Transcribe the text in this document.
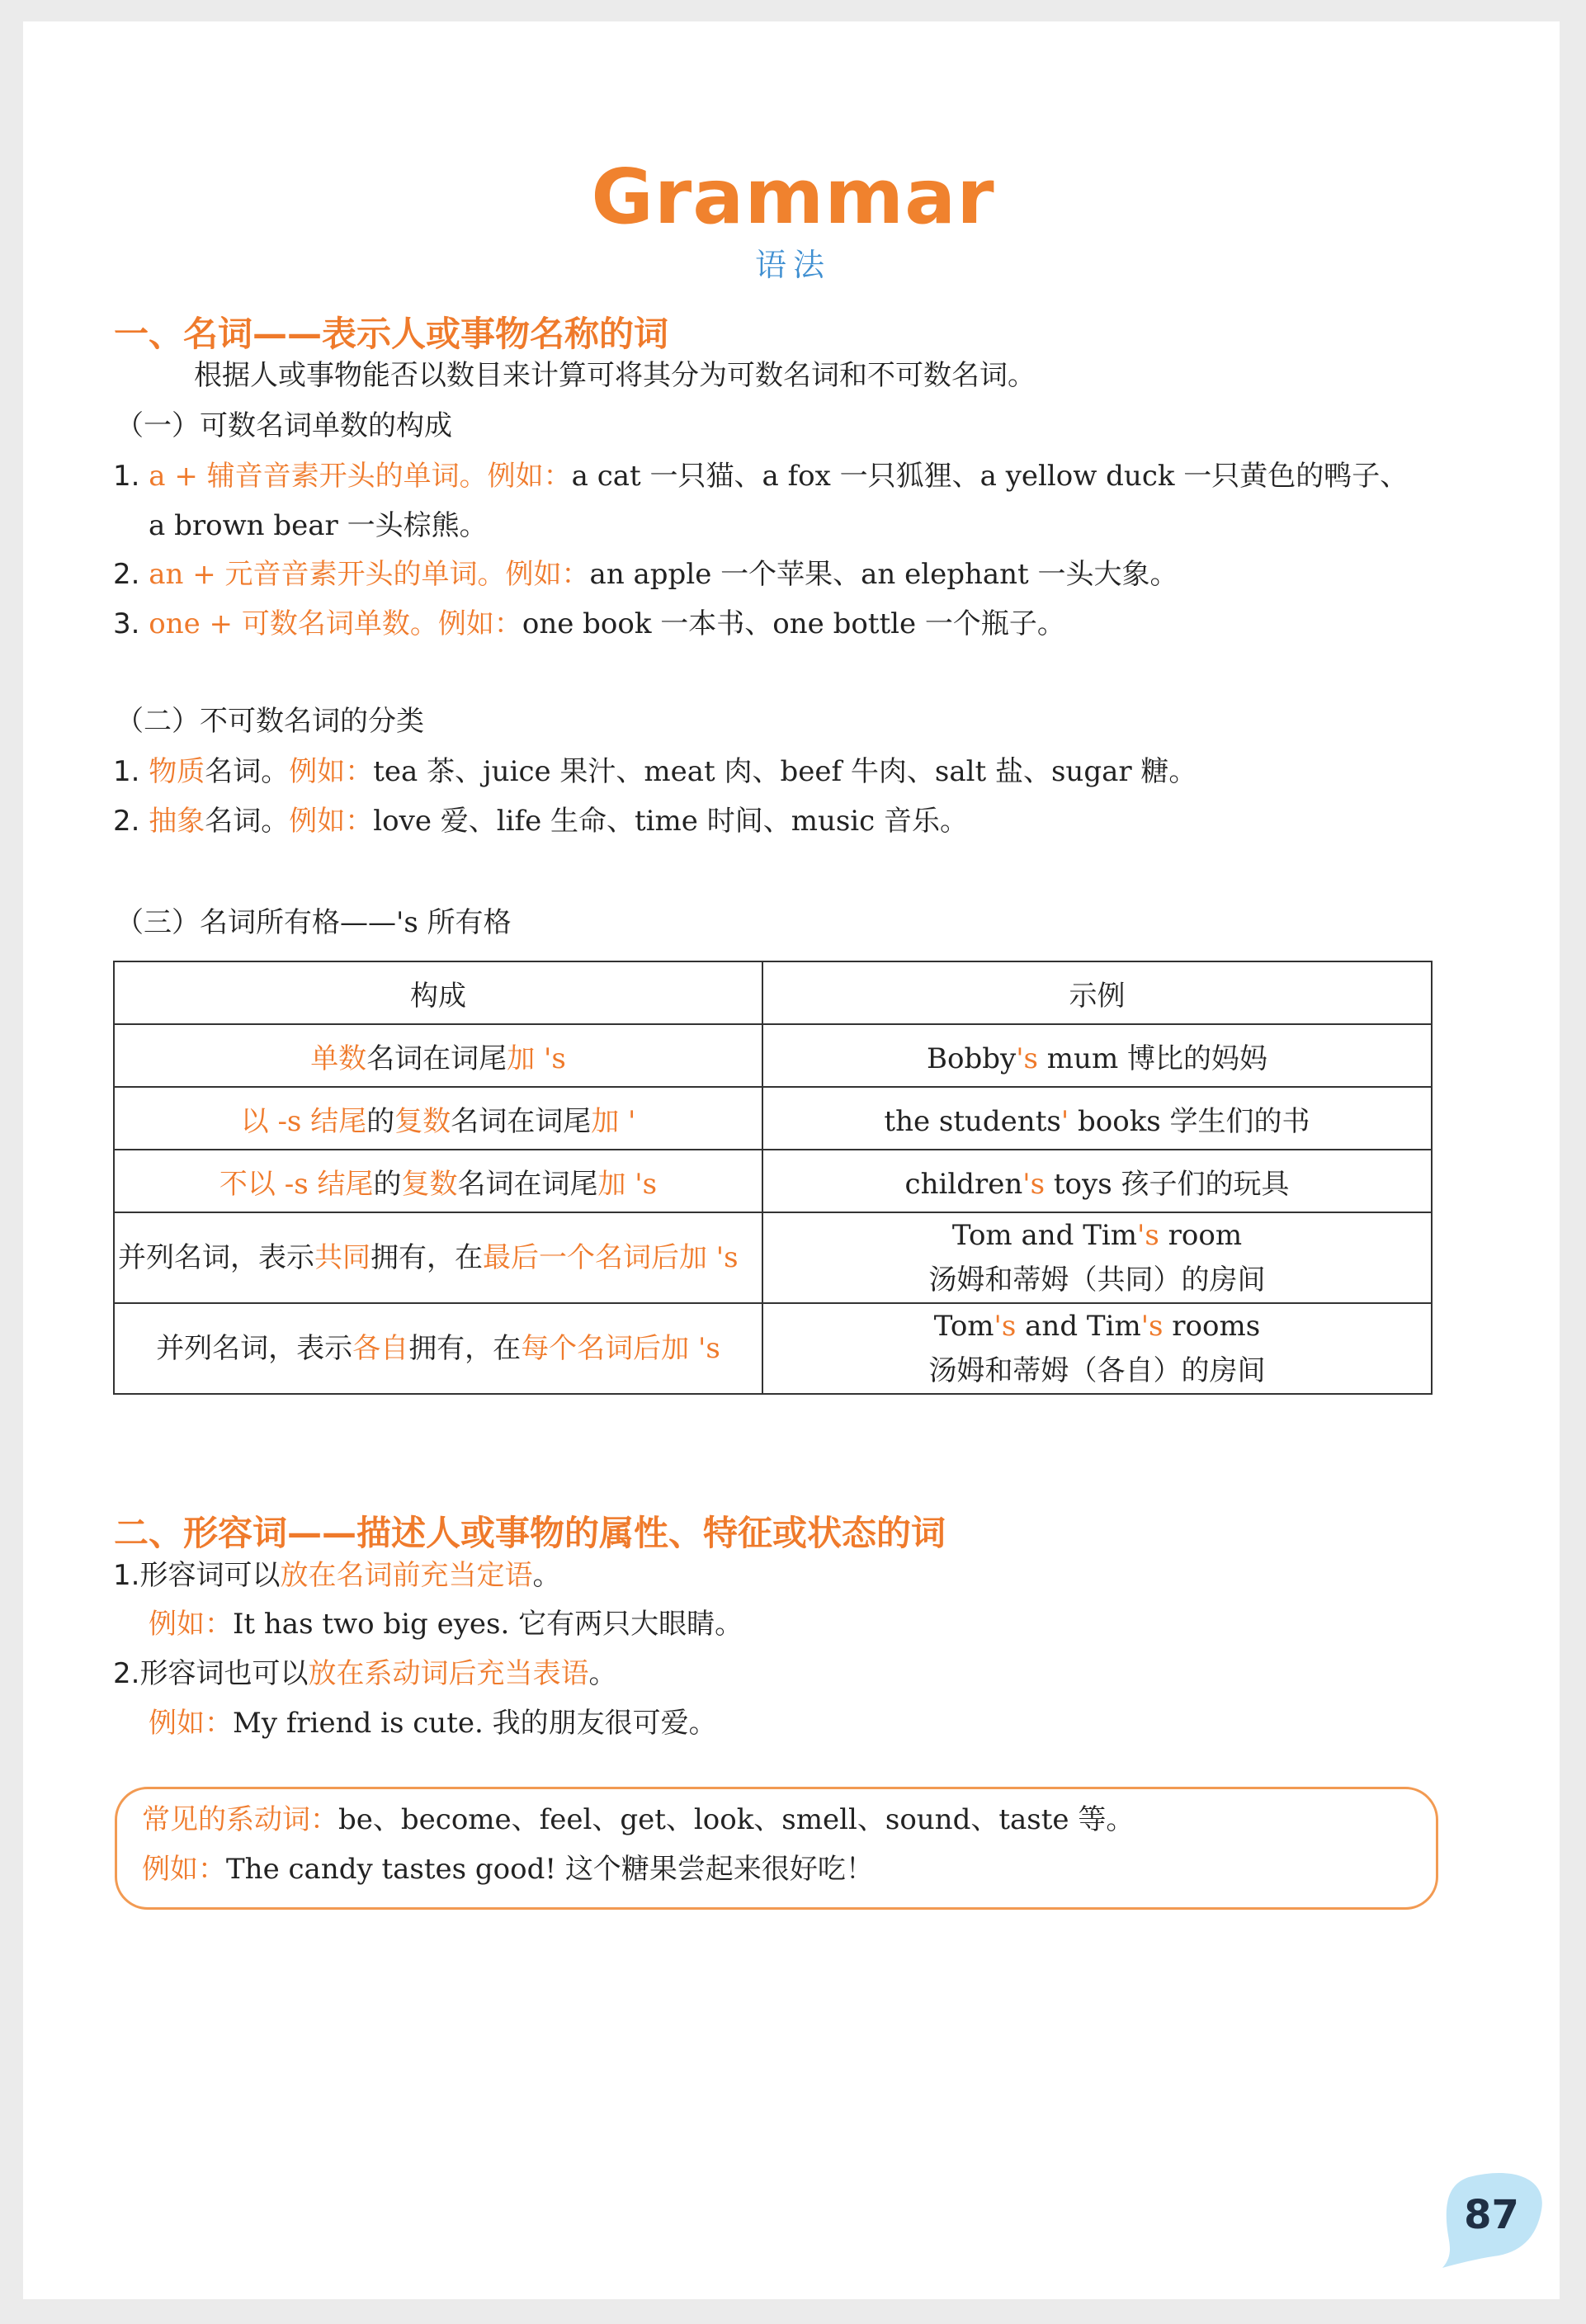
Grammar
语法
一、名词——表示人或事物名称的词
根据人或事物能否以数目来计算可将其分为可数名词和不可数名词。
（一）可数名词单数的构成
1. a + 辅音音素开头的单词。例如：a cat 一只猫、a fox 一只狐狸、a yellow duck 一只黄色的鸭子、
a brown bear 一头棕熊。
2. an + 元音音素开头的单词。例如：an apple 一个苹果、an elephant 一头大象。
3. one + 可数名词单数。例如：one book 一本书、one bottle 一个瓶子。
（二）不可数名词的分类
1. 物质名词。例如：tea 茶、juice 果汁、meat 肉、beef 牛肉、salt 盐、sugar 糖。
2. 抽象名词。例如：love 爱、life 生命、time 时间、music 音乐。
（三）名词所有格——'s 所有格
构成	示例
单数名词在词尾加 's	Bobby's mum 博比的妈妈
以 -s 结尾的复数名词在词尾加 '	the students' books 学生们的书
不以 -s 结尾的复数名词在词尾加 's	children's toys 孩子们的玩具
并列名词，表示共同拥有，在最后一个名词后加 's	Tom and Tim's room
汤姆和蒂姆（共同）的房间

并列名词，表示各自拥有，在每个名词后加 's	Tom's and Tim's rooms
汤姆和蒂姆（各自）的房间
二、形容词——描述人或事物的属性、特征或状态的词
1.形容词可以放在名词前充当定语。
例如：It has two big eyes. 它有两只大眼睛。
2.形容词也可以放在系动词后充当表语。
例如：My friend is cute. 我的朋友很可爱。
常见的系动词：be、become、feel、get、look、smell、sound、taste 等。
例如：The candy tastes good! 这个糖果尝起来很好吃！
87
